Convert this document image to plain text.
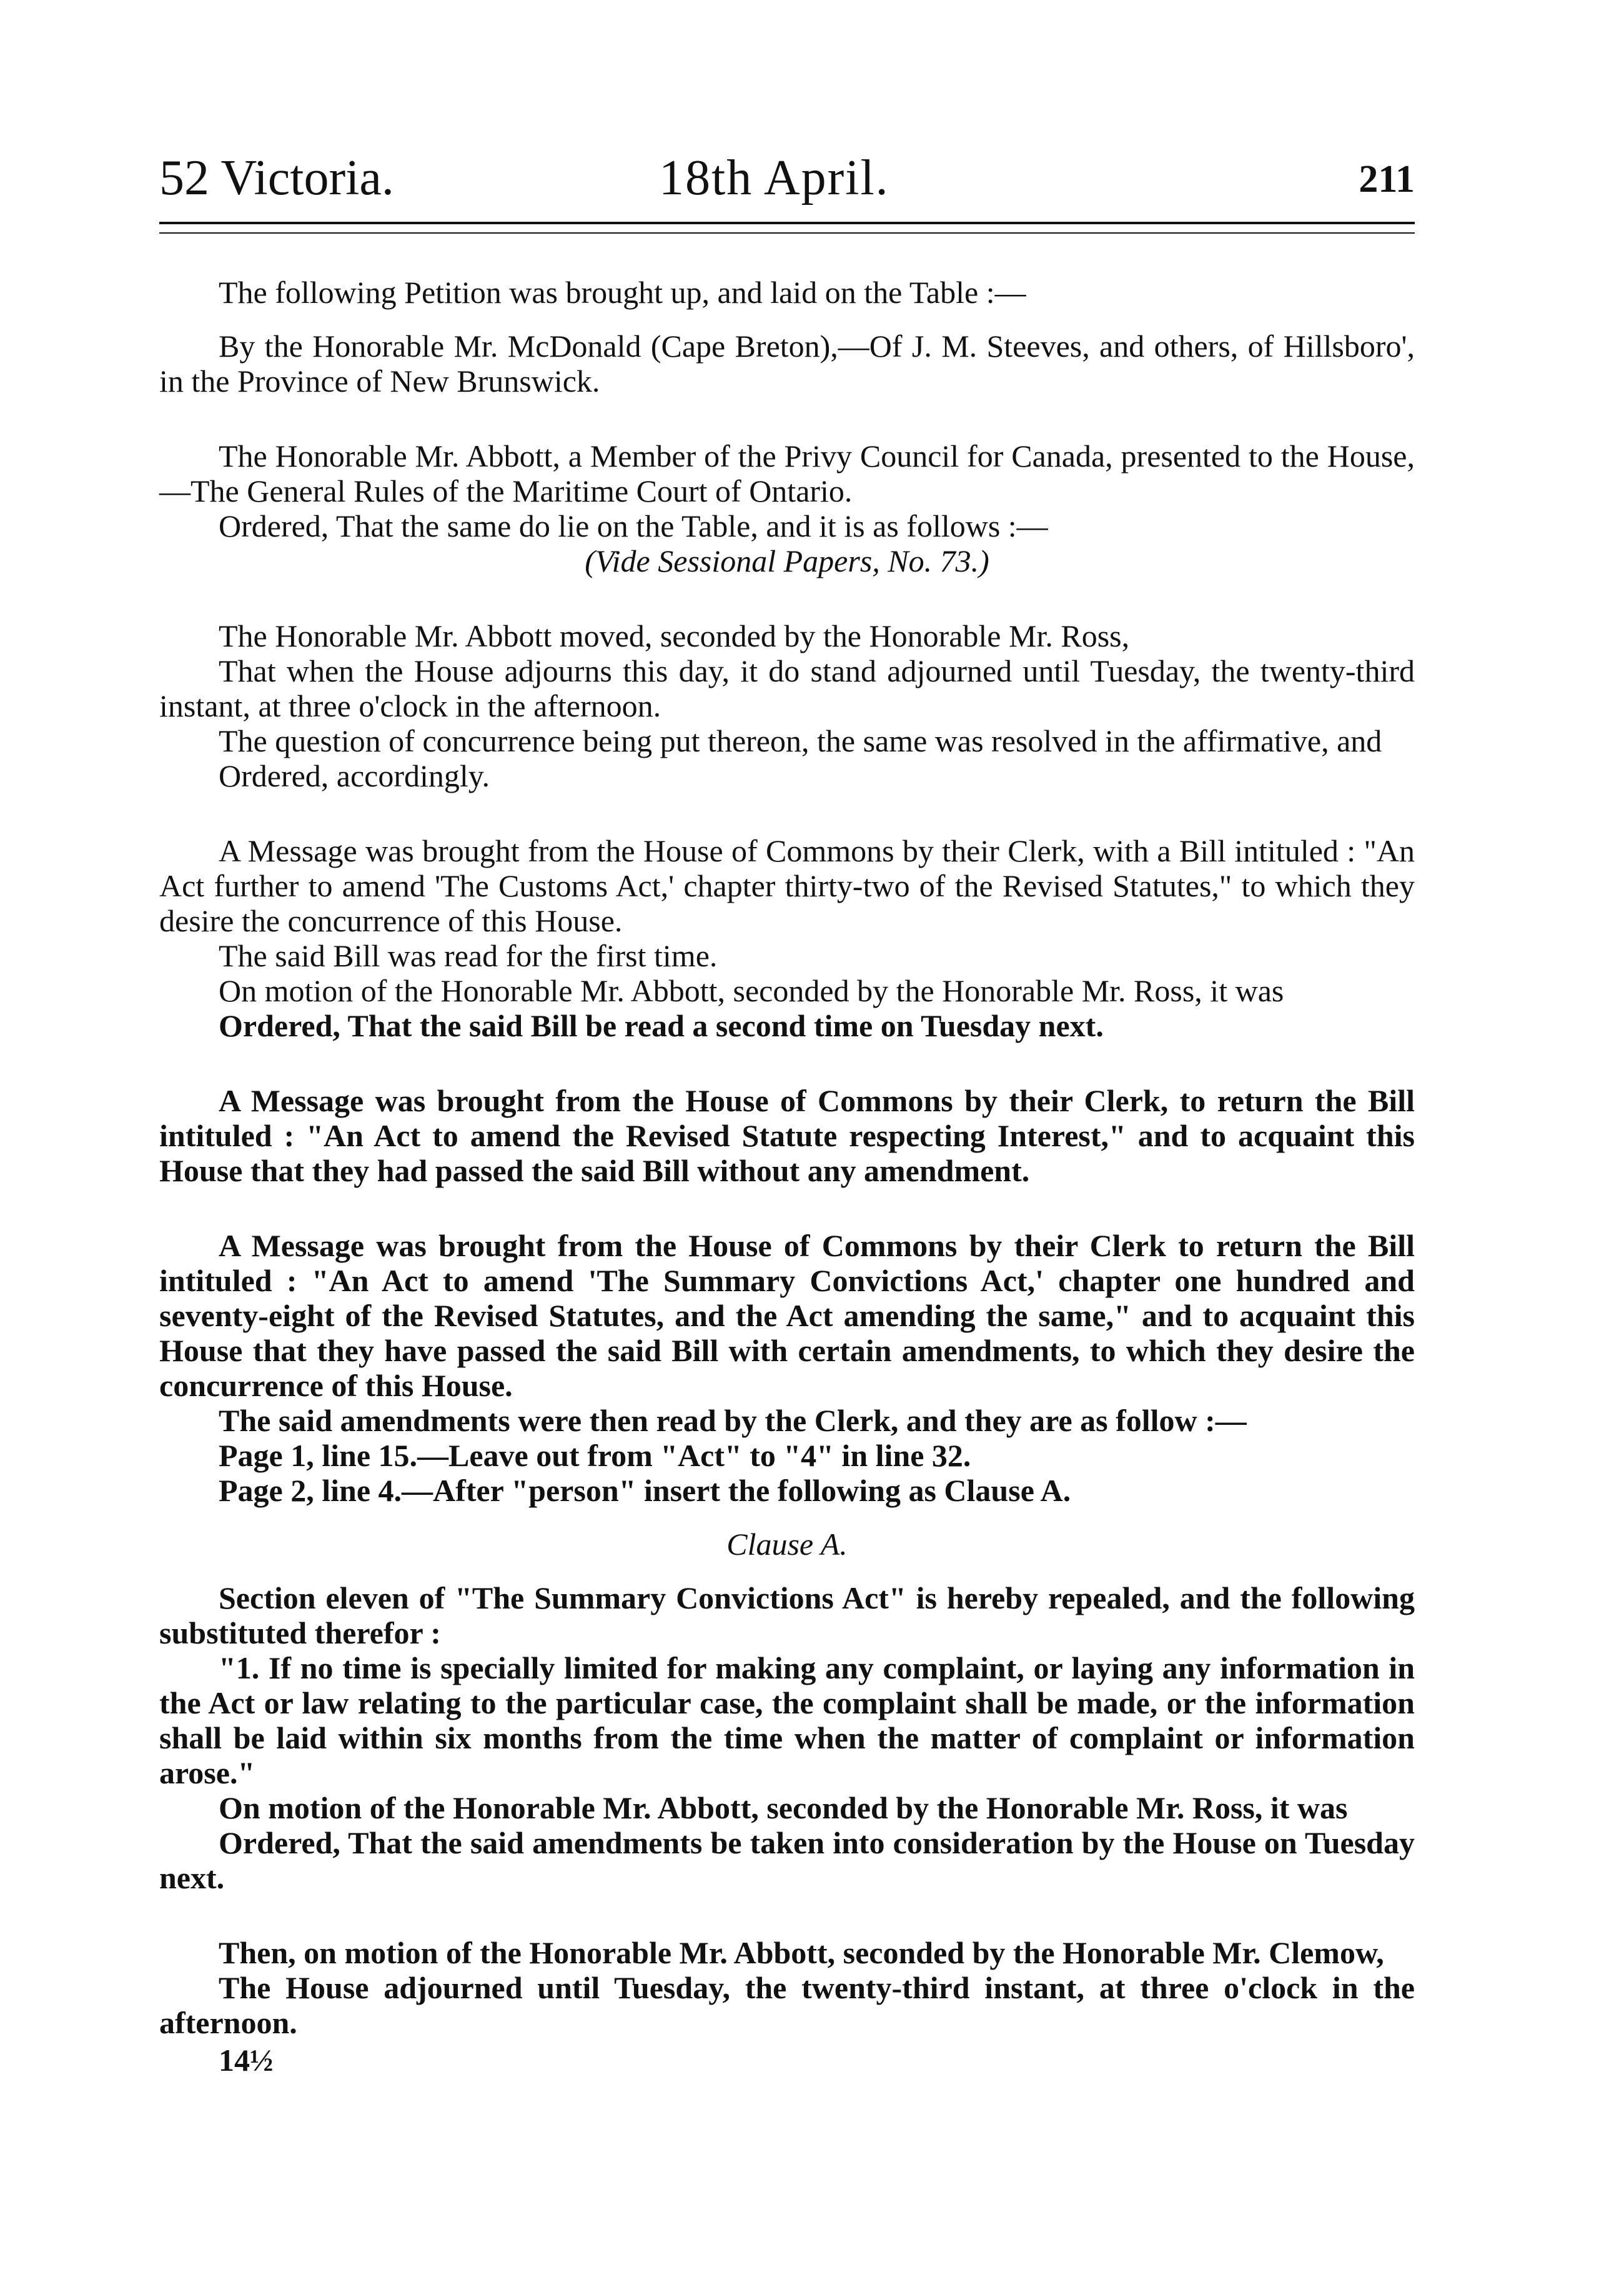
52 Victoria.	18th April.	211

The following Petition was brought up, and laid on the Table :—

By the Honorable Mr. McDonald (Cape Breton),—Of J. M. Steeves, and others, of Hillsboro', in the Province of New Brunswick.

The Honorable Mr. Abbott, a Member of the Privy Council for Canada, presented to the House,—The General Rules of the Maritime Court of Ontario.

Ordered, That the same do lie on the Table, and it is as follows :—

(Vide Sessional Papers, No. 73.)

The Honorable Mr. Abbott moved, seconded by the Honorable Mr. Ross,

That when the House adjourns this day, it do stand adjourned until Tuesday, the twenty-third instant, at three o'clock in the afternoon.

The question of concurrence being put thereon, the same was resolved in the affirmative, and

Ordered, accordingly.

A Message was brought from the House of Commons by their Clerk, with a Bill intituled : "An Act further to amend 'The Customs Act,' chapter thirty-two of the Revised Statutes," to which they desire the concurrence of this House.

The said Bill was read for the first time.

On motion of the Honorable Mr. Abbott, seconded by the Honorable Mr. Ross, it was

Ordered, That the said Bill be read a second time on Tuesday next.

A Message was brought from the House of Commons by their Clerk, to return the Bill intituled : "An Act to amend the Revised Statute respecting Interest," and to acquaint this House that they had passed the said Bill without any amendment.

A Message was brought from the House of Commons by their Clerk to return the Bill intituled : "An Act to amend 'The Summary Convictions Act,' chapter one hundred and seventy-eight of the Revised Statutes, and the Act amending the same," and to acquaint this House that they have passed the said Bill with certain amendments, to which they desire the concurrence of this House.

The said amendments were then read by the Clerk, and they are as follow :—

Page 1, line 15.—Leave out from "Act" to "4" in line 32.

Page 2, line 4.—After "person" insert the following as Clause A.

Clause A.

Section eleven of "The Summary Convictions Act" is hereby repealed, and the following substituted therefor :

"1. If no time is specially limited for making any complaint, or laying any information in the Act or law relating to the particular case, the complaint shall be made, or the information shall be laid within six months from the time when the matter of complaint or information arose."

On motion of the Honorable Mr. Abbott, seconded by the Honorable Mr. Ross, it was

Ordered, That the said amendments be taken into consideration by the House on Tuesday next.

Then, on motion of the Honorable Mr. Abbott, seconded by the Honorable Mr. Clemow,

The House adjourned until Tuesday, the twenty-third instant, at three o'clock in the afternoon.

14½
